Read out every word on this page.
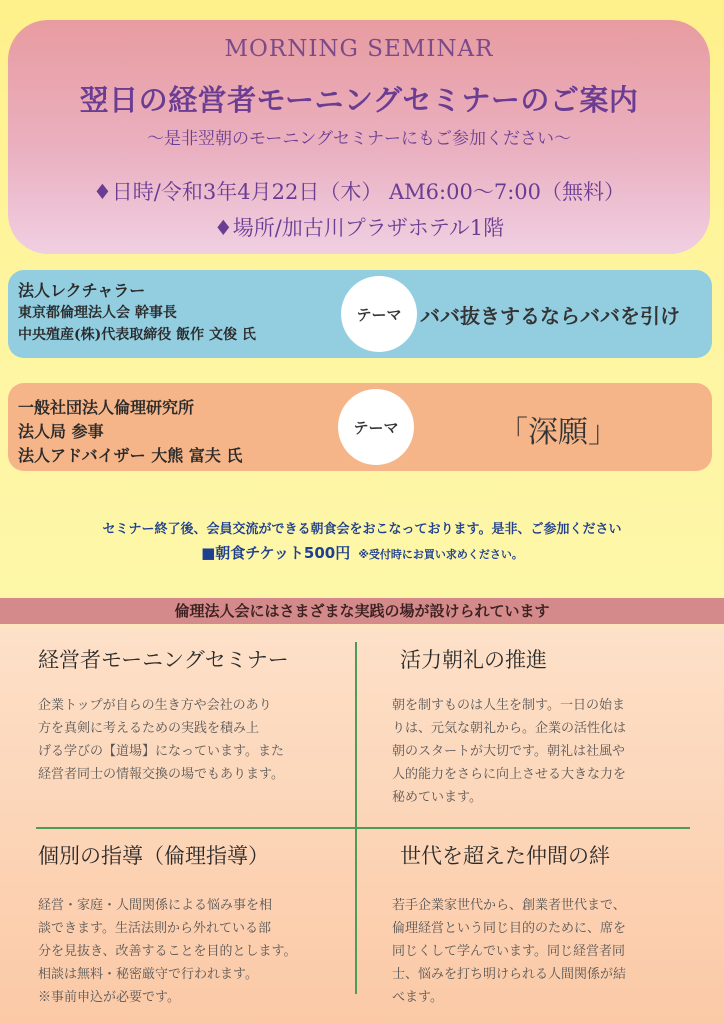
MORNING SEMINAR
翌日の経営者モーニングセミナーのご案内
～是非翌朝のモーニングセミナーにもご参加ください～
♦日時/令和3年4月22日（木） AM6:00～7:00（無料）
♦場所/加古川プラザホテル1階
法人レクチャラー
東京都倫理法人会 幹事長
中央殖産(株)代表取締役 飯作 文俊 氏
テーマ ババ抜きするならババを引け
一般社団法人倫理研究所
法人局 参事
法人アドバイザー 大熊 富夫 氏
テーマ	「深願」
セミナー終了後、会員交流ができる朝食会をおこなっております。是非、ご参加ください
■朝食チケット500円 ※受付時にお買い求めください。
倫理法人会にはさまざまな実践の場が設けられています
経営者モーニングセミナー
企業トップが自らの生き方や会社のあり
方を真剣に考えるための実践を積み上
げる学びの【道場】になっています。また
経営者同士の情報交換の場でもあります。
活力朝礼の推進
朝を制すものは人生を制す。一日の始ま
りは、元気な朝礼から。企業の活性化は
朝のスタートが大切です。朝礼は社風や
人的能力をさらに向上させる大きな力を
秘めています。
個別の指導（倫理指導）
経営・家庭・人間関係による悩み事を相
談できます。生活法則から外れている部
分を見抜き、改善することを目的とします。
相談は無料・秘密厳守で行われます。
※事前申込が必要です。
世代を超えた仲間の絆
若手企業家世代から、創業者世代まで、
倫理経営という同じ目的のために、席を
同じくして学んでいます。同じ経営者同
士、悩みを打ち明けられる人間関係が結
べます。
